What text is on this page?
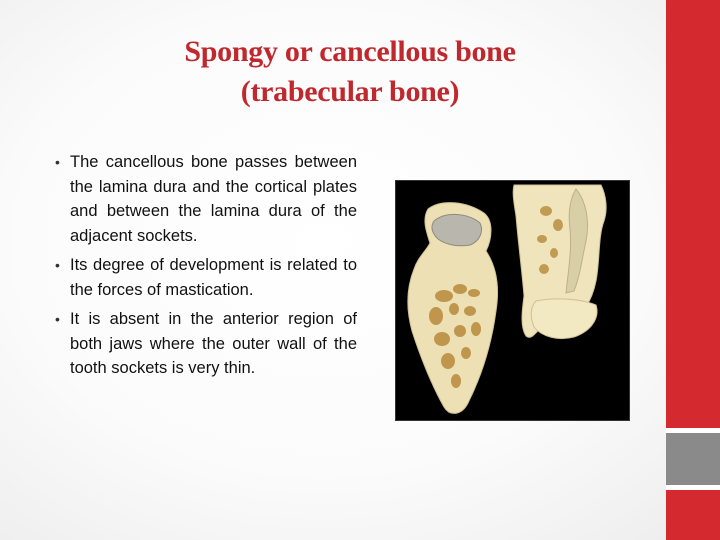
Spongy or cancellous bone
(trabecular bone)
• The cancellous bone passes between the lamina dura and the cortical plates and between the lamina dura of the adjacent sockets.
• Its degree of development is related to the forces of mastication.
• It is absent in the anterior region of both jaws where the outer wall of the tooth sockets is very thin.
